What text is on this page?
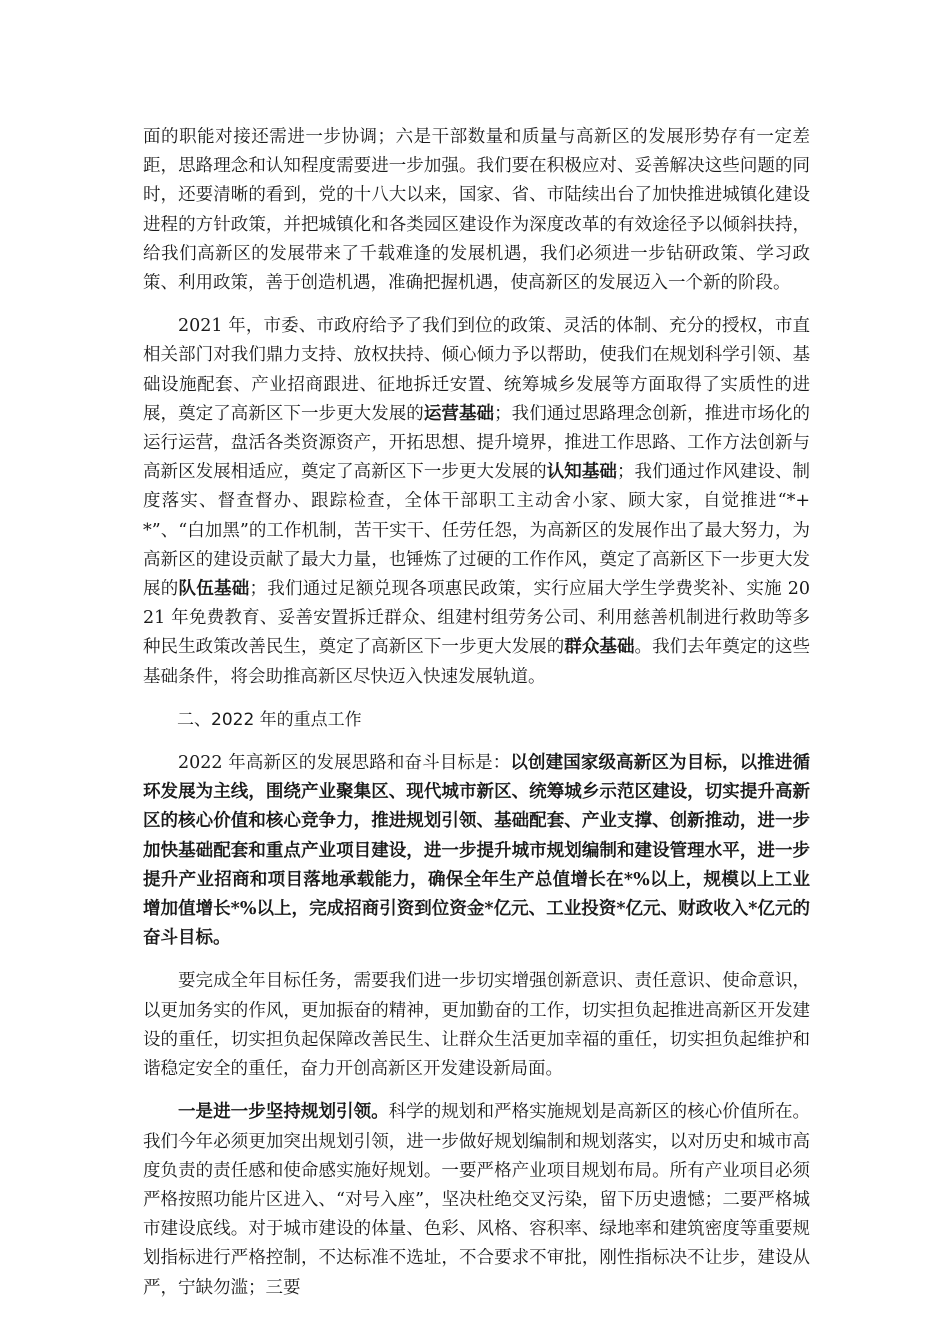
面的职能对接还需进一步协调；六是干部数量和质量与高新区的发展形势存有一定差距，思路理念和认知程度需要进一步加强。我们要在积极应对、妥善解决这些问题的同时，还要清晰的看到，党的十八大以来，国家、省、市陆续出台了加快推进城镇化建设进程的方针政策，并把城镇化和各类园区建设作为深度改革的有效途径予以倾斜扶持，给我们高新区的发展带来了千载难逢的发展机遇，我们必须进一步钻研政策、学习政策、利用政策，善于创造机遇，准确把握机遇，使高新区的发展迈入一个新的阶段。

2021 年，市委、市政府给予了我们到位的政策、灵活的体制、充分的授权，市直相关部门对我们鼎力支持、放权扶持、倾心倾力予以帮助，使我们在规划科学引领、基础设施配套、产业招商跟进、征地拆迁安置、统筹城乡发展等方面取得了实质性的进展，奠定了高新区下一步更大发展的运营基础；我们通过思路理念创新，推进市场化的运行运营，盘活各类资源资产，开拓思想、提升境界，推进工作思路、工作方法创新与高新区发展相适应，奠定了高新区下一步更大发展的认知基础；我们通过作风建设、制度落实、督查督办、跟踪检查，全体干部职工主动舍小家、顾大家，自觉推进“*+*”、“白加黑”的工作机制，苦干实干、任劳任怨，为高新区的发展作出了最大努力，为高新区的建设贡献了最大力量，也锤炼了过硬的工作作风，奠定了高新区下一步更大发展的队伍基础；我们通过足额兑现各项惠民政策，实行应届大学生学费奖补、实施 2021 年免费教育、妥善安置拆迁群众、组建村组劳务公司、利用慈善机制进行救助等多种民生政策改善民生，奠定了高新区下一步更大发展的群众基础。我们去年奠定的这些基础条件，将会助推高新区尽快迈入快速发展轨道。

二、2022 年的重点工作

2022 年高新区的发展思路和奋斗目标是：以创建国家级高新区为目标，以推进循环发展为主线，围绕产业聚集区、现代城市新区、统筹城乡示范区建设，切实提升高新区的核心价值和核心竞争力，推进规划引领、基础配套、产业支撑、创新推动，进一步加快基础配套和重点产业项目建设，进一步提升城市规划编制和建设管理水平，进一步提升产业招商和项目落地承载能力，确保全年生产总值增长在*%以上，规模以上工业增加值增长*%以上，完成招商引资到位资金*亿元、工业投资*亿元、财政收入*亿元的奋斗目标。

要完成全年目标任务，需要我们进一步切实增强创新意识、责任意识、使命意识，以更加务实的作风，更加振奋的精神，更加勤奋的工作，切实担负起推进高新区开发建设的重任，切实担负起保障改善民生、让群众生活更加幸福的重任，切实担负起维护和谐稳定安全的重任，奋力开创高新区开发建设新局面。

一是进一步坚持规划引领。科学的规划和严格实施规划是高新区的核心价值所在。我们今年必须更加突出规划引领，进一步做好规划编制和规划落实，以对历史和城市高度负责的责任感和使命感实施好规划。一要严格产业项目规划布局。所有产业项目必须严格按照功能片区进入、“对号入座”，坚决杜绝交叉污染，留下历史遗憾；二要严格城市建设底线。对于城市建设的体量、色彩、风格、容积率、绿地率和建筑密度等重要规划指标进行严格控制，不达标准不选址，不合要求不审批，刚性指标决不让步，建设从严，宁缺勿滥；三要
